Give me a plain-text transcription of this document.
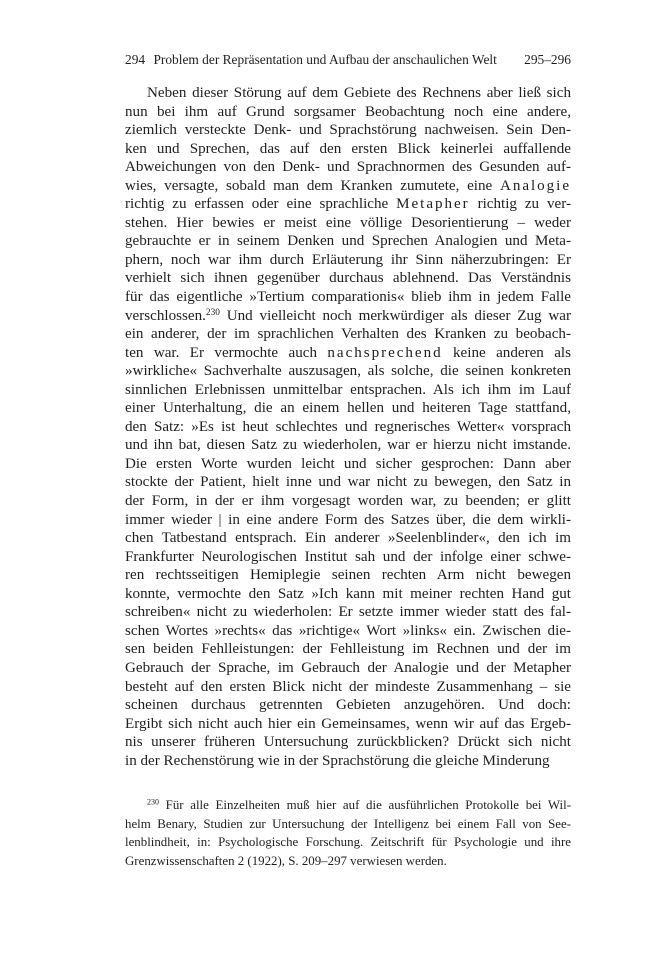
294 Problem der Repräsentation und Aufbau der anschaulichen Welt 295–296
Neben dieser Störung auf dem Gebiete des Rechnens aber ließ sich
nun bei ihm auf Grund sorgsamer Beobachtung noch eine andere,
ziemlich versteckte Denk- und Sprachstörung nachweisen. Sein Den-
ken und Sprechen, das auf den ersten Blick keinerlei auffallende
Abweichungen von den Denk- und Sprachnormen des Gesunden auf-
wies, versagte, sobald man dem Kranken zumutete, eine Analogie
richtig zu erfassen oder eine sprachliche Metapher richtig zu ver-
stehen. Hier bewies er meist eine völlige Desorientierung – weder
gebrauchte er in seinem Denken und Sprechen Analogien und Meta-
phern, noch war ihm durch Erläuterung ihr Sinn näherzubringen: Er
verhielt sich ihnen gegenüber durchaus ablehnend. Das Verständnis
für das eigentliche »Tertium comparationis« blieb ihm in jedem Falle
verschlossen.$^{230}$ Und vielleicht noch merkwürdiger als dieser Zug war
ein anderer, der im sprachlichen Verhalten des Kranken zu beobach-
ten war. Er vermochte auch nachsprechend keine anderen als
»wirkliche« Sachverhalte auszusagen, als solche, die seinen konkreten
sinnlichen Erlebnissen unmittelbar entsprachen. Als ich ihm im Lauf
einer Unterhaltung, die an einem hellen und heiteren Tage stattfand,
den Satz: »Es ist heut schlechtes und regnerisches Wetter« vorsprach
und ihn bat, diesen Satz zu wiederholen, war er hierzu nicht imstande.
Die ersten Worte wurden leicht und sicher gesprochen: Dann aber
stockte der Patient, hielt inne und war nicht zu bewegen, den Satz in
der Form, in der er ihm vorgesagt worden war, zu beenden; er glitt
immer wieder | in eine andere Form des Satzes über, die dem wirkli-
chen Tatbestand entsprach. Ein anderer »Seelenblinder«, den ich im
Frankfurter Neurologischen Institut sah und der infolge einer schwe-
ren rechtsseitigen Hemiplegie seinen rechten Arm nicht bewegen
konnte, vermochte den Satz »Ich kann mit meiner rechten Hand gut
schreiben« nicht zu wiederholen: Er setzte immer wieder statt des fal-
schen Wortes »rechts« das »richtige« Wort »links« ein. Zwischen die-
sen beiden Fehlleistungen: der Fehlleistung im Rechnen und der im
Gebrauch der Sprache, im Gebrauch der Analogie und der Metapher
besteht auf den ersten Blick nicht der mindeste Zusammenhang – sie
scheinen durchaus getrennten Gebieten anzugehören. Und doch:
Ergibt sich nicht auch hier ein Gemeinsames, wenn wir auf das Ergeb-
nis unserer früheren Untersuchung zurückblicken? Drückt sich nicht
in der Rechenstörung wie in der Sprachstörung die gleiche Minderung
$^{230}$ Für alle Einzelheiten muß hier auf die ausführlichen Protokolle bei Wil-
helm Benary, Studien zur Untersuchung der Intelligenz bei einem Fall von See-
lenblindheit, in: Psychologische Forschung. Zeitschrift für Psychologie und ihre
Grenzwissenschaften 2 (1922), S. 209–297 verwiesen werden.
